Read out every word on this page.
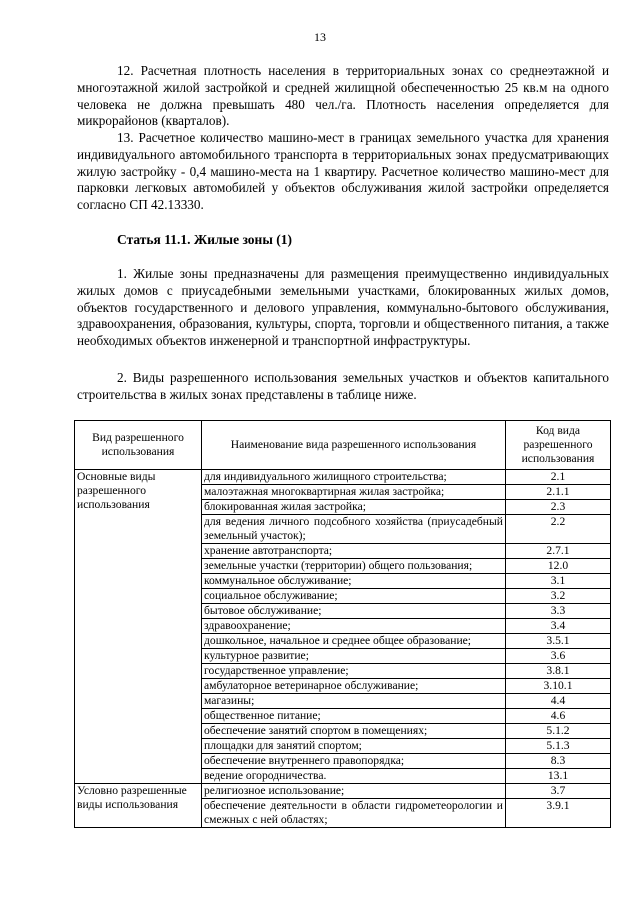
13

12. Расчетная плотность населения в территориальных зонах со среднеэтажной и многоэтажной жилой застройкой и средней жилищной обеспеченностью 25 кв.м на одного человека не должна превышать 480 чел./га. Плотность населения определяется для микрорайонов (кварталов).

13. Расчетное количество машино-мест в границах земельного участка для хранения индивидуального автомобильного транспорта в территориальных зонах предусматривающих жилую застройку - 0,4 машино-места на 1 квартиру. Расчетное количество машино-мест для парковки легковых автомобилей у объектов обслуживания жилой застройки определяется согласно СП 42.13330.

Статья 11.1. Жилые зоны (1)

1. Жилые зоны предназначены для размещения преимущественно индивидуальных жилых домов с приусадебными земельными участками, блокированных жилых домов, объектов государственного и делового управления, коммунально-бытового обслуживания, здравоохранения, образования, культуры, спорта, торговли и общественного питания, а также необходимых объектов инженерной и транспортной инфраструктуры.

2. Виды разрешенного использования земельных участков и объектов капитального строительства в жилых зонах представлены в таблице ниже.

Вид разрешенного использования	Наименование вида разрешенного использования	Код вида разрешенного использования
Основные виды разрешенного использования	для индивидуального жилищного строительства;	2.1
	малоэтажная многоквартирная жилая застройка;	2.1.1
	блокированная жилая застройка;	2.3
	для ведения личного подсобного хозяйства (приусадебный земельный участок);	2.2
	хранение автотранспорта;	2.7.1
	земельные участки (территории) общего пользования;	12.0
	коммунальное обслуживание;	3.1
	социальное обслуживание;	3.2
	бытовое обслуживание;	3.3
	здравоохранение;	3.4
	дошкольное, начальное и среднее общее образование;	3.5.1
	культурное развитие;	3.6
	государственное управление;	3.8.1
	амбулаторное ветеринарное обслуживание;	3.10.1
	магазины;	4.4
	общественное питание;	4.6
	обеспечение занятий спортом в помещениях;	5.1.2
	площадки для занятий спортом;	5.1.3
	обеспечение внутреннего правопорядка;	8.3
	ведение огородничества.	13.1
Условно разрешенные виды использования	религиозное использование;	3.7
	обеспечение деятельности в области гидрометеорологии и смежных с ней областях;	3.9.1
